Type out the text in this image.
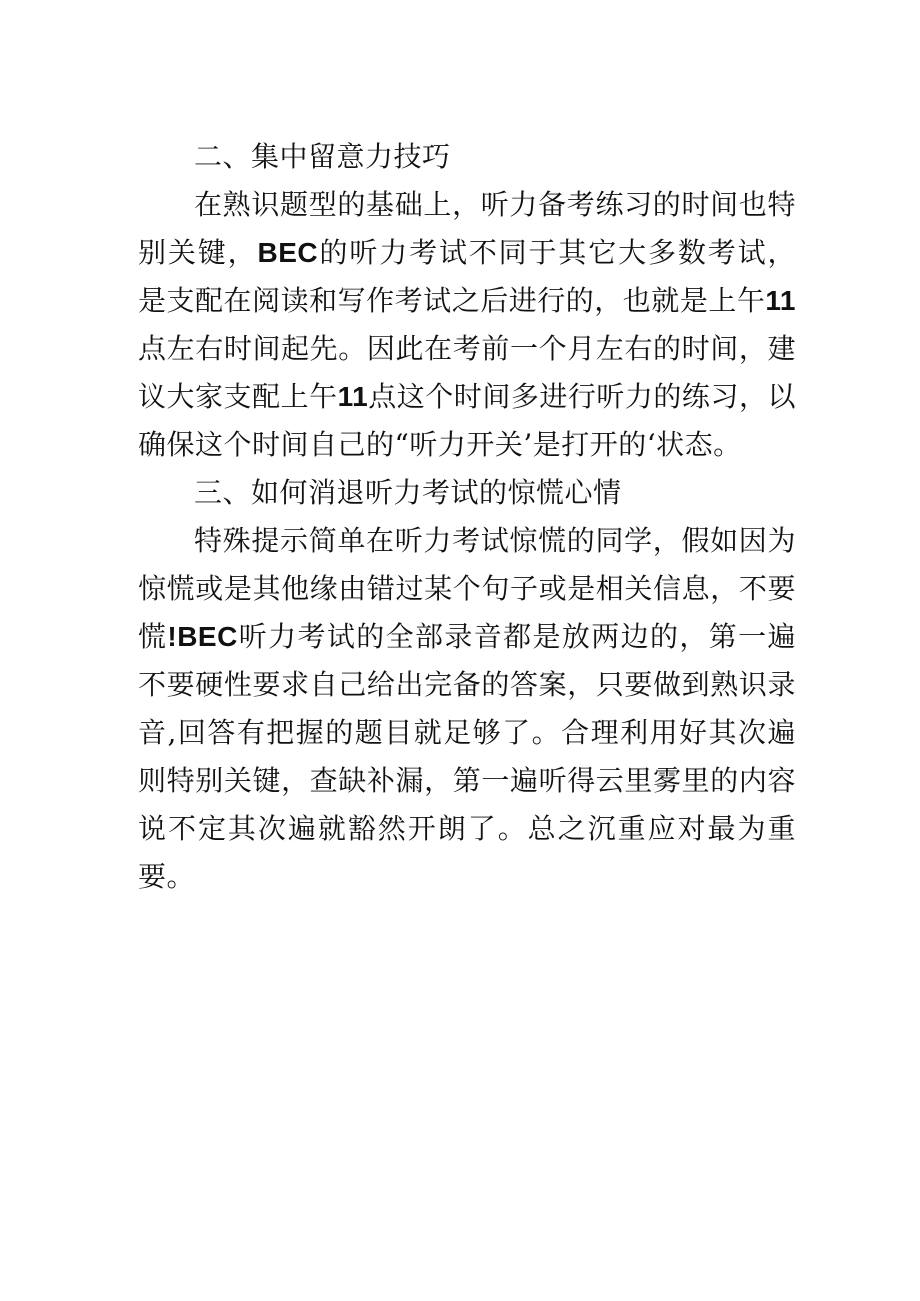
二、集中留意力技巧

在熟识题型的基础上，听力备考练习的时间也特别关键，BEC的听力考试不同于其它大多数考试，是支配在阅读和写作考试之后进行的，也就是上午11点左右时间起先。因此在考前一个月左右的时间，建议大家支配上午11点这个时间多进行听力的练习，以确保这个时间自己的“听力开关’是打开的‘状态。

三、如何消退听力考试的惊慌心情

特殊提示简单在听力考试惊慌的同学，假如因为惊慌或是其他缘由错过某个句子或是相关信息，不要慌!BEC听力考试的全部录音都是放两边的，第一遍不要硬性要求自己给出完备的答案，只要做到熟识录音,回答有把握的题目就足够了。合理利用好其次遍则特别关键，查缺补漏，第一遍听得云里雾里的内容说不定其次遍就豁然开朗了。总之沉重应对最为重要。
